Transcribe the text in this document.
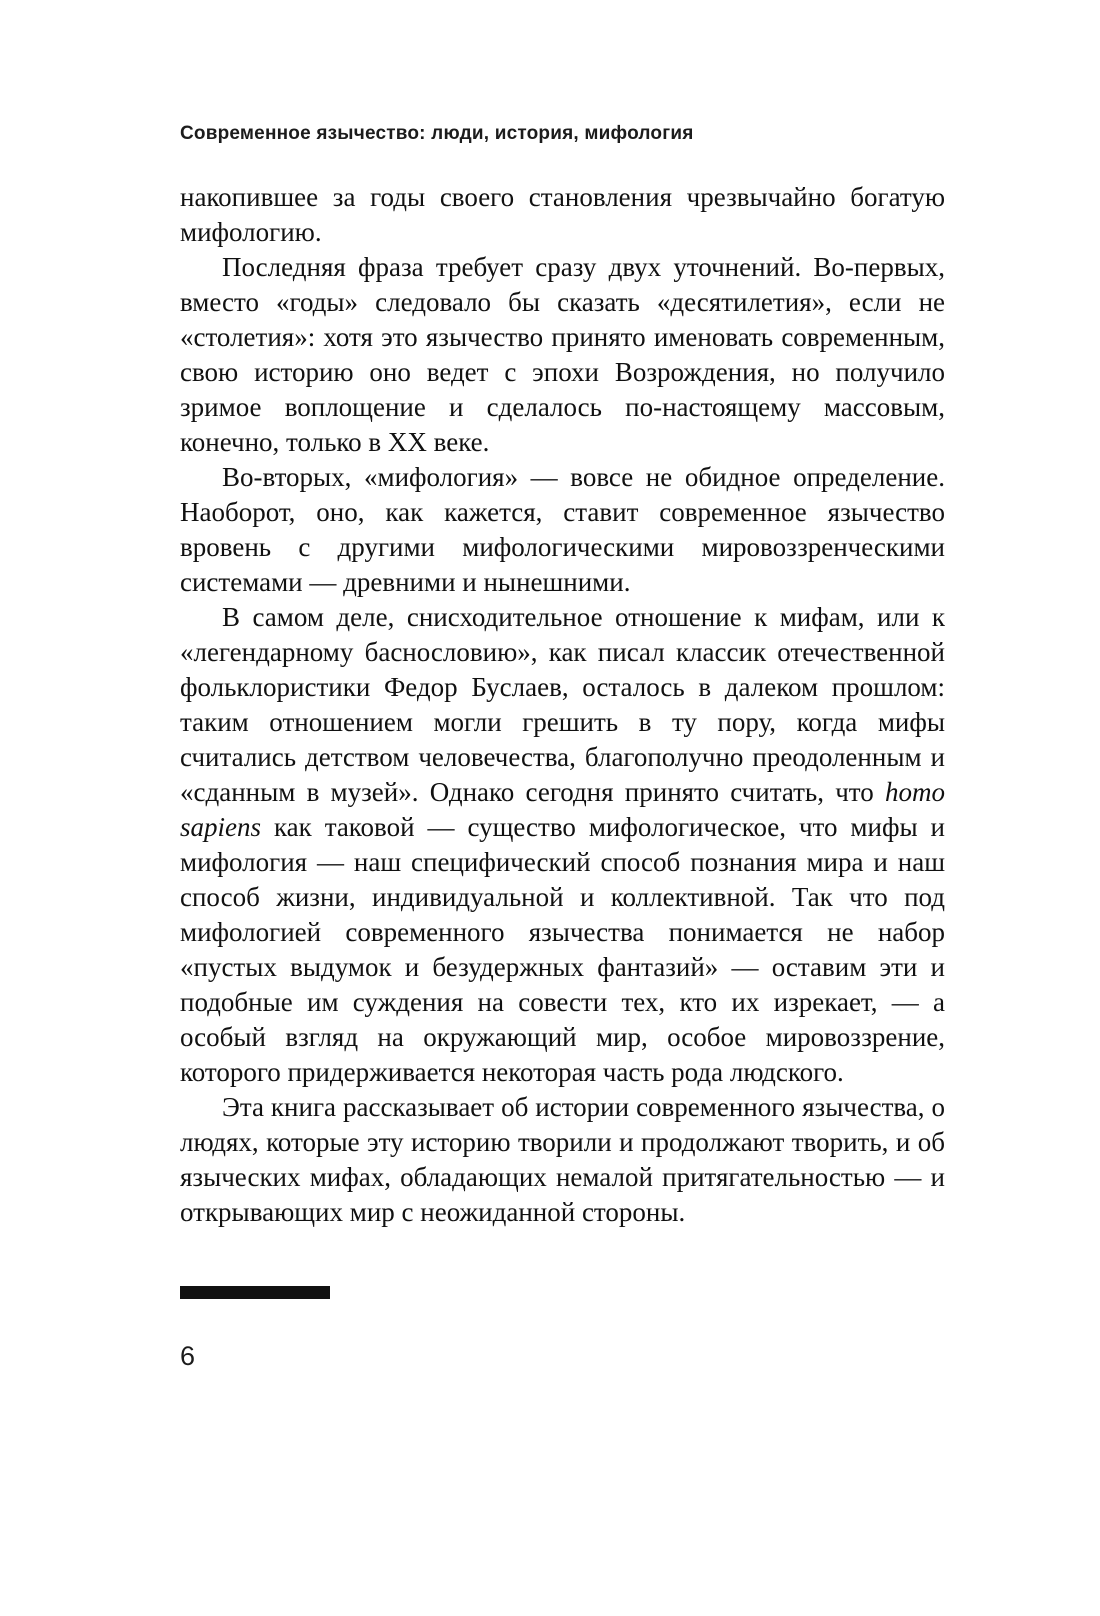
Современное язычество: люди, история, мифология

накопившее за годы своего становления чрезвычайно богатую мифологию.

Последняя фраза требует сразу двух уточнений. Во-первых, вместо «годы» следовало бы сказать «десятилетия», если не «столетия»: хотя это язычество принято именовать современным, свою историю оно ведет с эпохи Возрождения, но получило зримое воплощение и сделалось по-настоящему массовым, конечно, только в XX веке.

Во-вторых, «мифология» — вовсе не обидное определение. Наоборот, оно, как кажется, ставит современное язычество вровень с другими мифологическими мировоззренческими системами — древними и нынешними.

В самом деле, снисходительное отношение к мифам, или к «легендарному баснословию», как писал классик отечественной фольклористики Федор Буслаев, осталось в далеком прошлом: таким отношением могли грешить в ту пору, когда мифы считались детством человечества, благополучно преодоленным и «сданным в музей». Однако сегодня принято считать, что homo sapiens как таковой — существо мифологическое, что мифы и мифология — наш специфический способ познания мира и наш способ жизни, индивидуальной и коллективной. Так что под мифологией современного язычества понимается не набор «пустых выдумок и безудержных фантазий» — оставим эти и подобные им суждения на совести тех, кто их изрекает, — а особый взгляд на окружающий мир, особое мировоззрение, которого придерживается некоторая часть рода людского.

Эта книга рассказывает об истории современного язычества, о людях, которые эту историю творили и продолжают творить, и об языческих мифах, обладающих немалой притягательностью — и открывающих мир с неожиданной стороны.

6
